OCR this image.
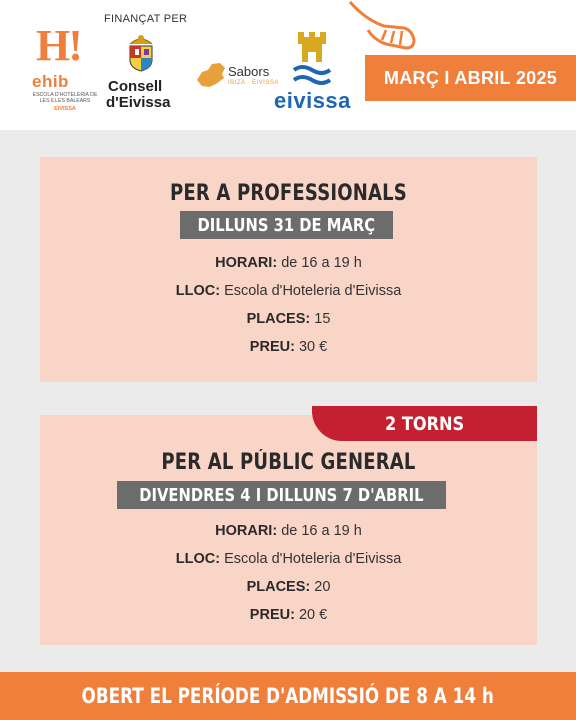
H!
ehib
ESCOLA D'HOTELERIA DE LES ILLES BALEARS
EIVISSA
FINANÇAT PER
Consell
d'Eivissa
Sabors
IBIZA · EIVISSA
eivissa
MARÇ I ABRIL 2025
PER A PROFESSIONALS
DILLUNS 31 DE MARÇ
HORARI: de 16 a 19 h
LLOC: Escola d'Hoteleria d'Eivissa
PLACES: 15
PREU: 30 €
PER AL PÚBLIC GENERAL
DIVENDRES 4 I DILLUNS 7 D'ABRIL
HORARI: de 16 a 19 h
LLOC: Escola d'Hoteleria d'Eivissa
PLACES: 20
PREU: 20 €
2 TORNS
OBERT EL PERÍODE D'ADMISSIÓ DE 8 A 14 h
